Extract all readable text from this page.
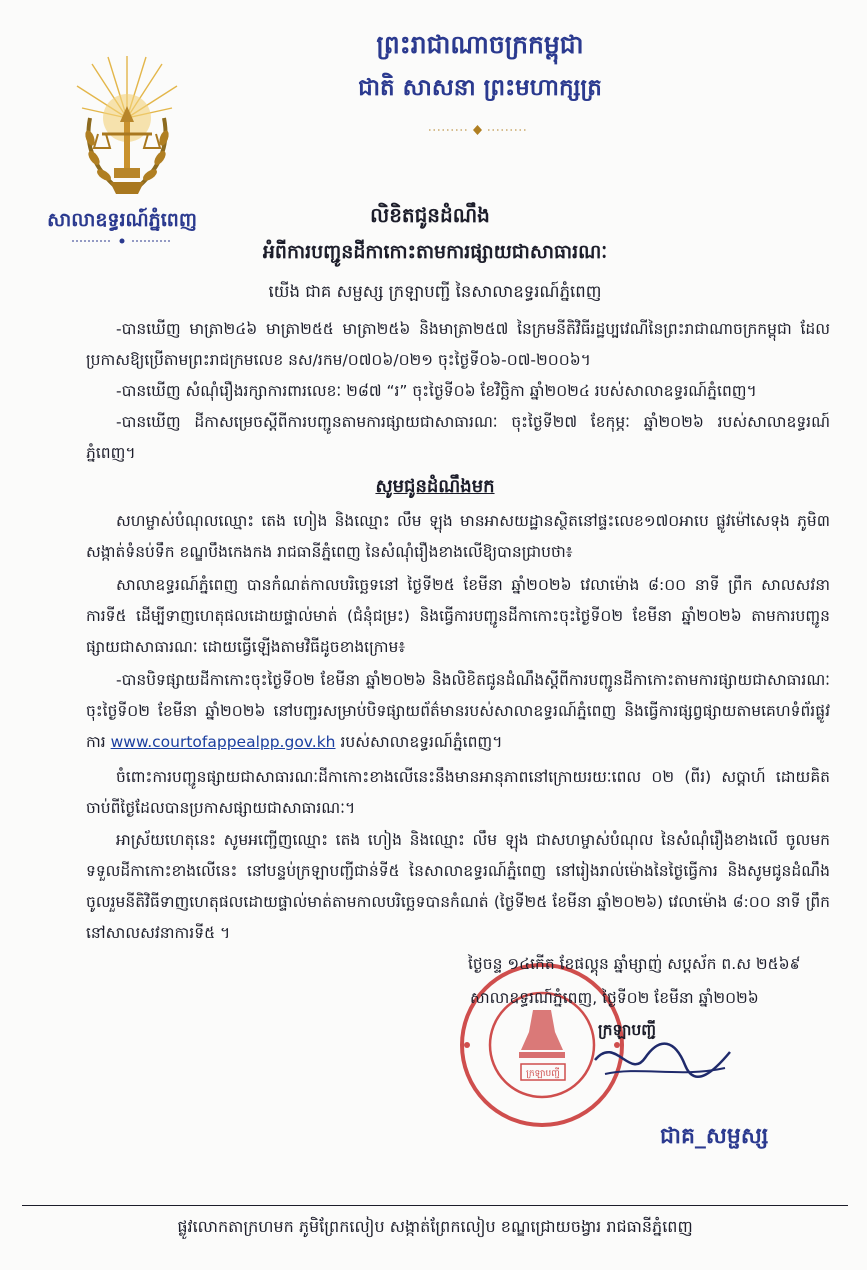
សាលាឧទ្ធរណ៍ភ្នំពេញ
ព្រះរាជាណាចក្រកម្ពុជា
ជាតិ សាសនា ព្រះមហាក្សត្រ
លិខិតជូនដំណឹង
អំពីការបញ្ជូនដីកាកោះតាមការផ្សាយជាសាធារណៈ
យើង ជាគ សម្ផស្ស ក្រឡាបញ្ជី នៃសាលាឧទ្ធរណ៍ភ្នំពេញ
-បានឃើញ មាត្រា២៤៦ មាត្រា២៥៥ មាត្រា២៥៦ និងមាត្រា២៥៧ នៃក្រមនីតិវិធីរដ្ឋប្បវេណីនៃព្រះរាជាណាចក្រកម្ពុជា ដែលប្រកាសឱ្យប្រើតាមព្រះរាជក្រមលេខ នស/រកម/០៧០៦/០២១ ចុះថ្ងៃទី០៦-០៧-២០០៦។
-បានឃើញ សំណុំរឿងរក្សាការពារលេខៈ ២៨៧ “រ” ចុះថ្ងៃទី០៦ ខែវិច្ឆិកា ឆ្នាំ២០២៤ របស់សាលាឧទ្ធរណ៍ភ្នំពេញ។
-បានឃើញ ដីកាសម្រេចស្តីពីការបញ្ជូនតាមការផ្សាយជាសាធារណៈ ចុះថ្ងៃទី២៧ ខែកុម្ភៈ ឆ្នាំ២០២៦ របស់សាលាឧទ្ធរណ៍ភ្នំពេញ។
សូមជូនដំណឹងមក
សហម្ចាស់បំណុលឈ្មោះ តេង ហៀង និងឈ្មោះ លឹម ឡុង មានអាសយដ្ឋានស្ថិតនៅផ្ទះលេខ១៧០អាបេ ផ្លូវម៉ៅសេទុង ភូមិ៣ សង្កាត់ទំនប់ទឹក ខណ្ឌបឹងកេងកង រាជធានីភ្នំពេញ នៃសំណុំរឿងខាងលើឱ្យបានជ្រាបថា៖
សាលាឧទ្ធរណ៍ភ្នំពេញ បានកំណត់កាលបរិច្ឆេទនៅ ថ្ងៃទី២៥ ខែមីនា ឆ្នាំ២០២៦ វេលាម៉ោង ៨:០០ នាទី ព្រឹក សាលសវនាការទី៥ ដើម្បីទាញហេតុផលដោយផ្ទាល់មាត់ (ជំនុំជម្រះ) និងធ្វើការបញ្ជូនដីកាកោះចុះថ្ងៃទី០២ ខែមីនា ឆ្នាំ២០២៦ តាមការបញ្ជូនផ្សាយជាសាធារណៈ ដោយធ្វើឡើងតាមវិធីដូចខាងក្រោម៖
-បានបិទផ្សាយដីកាកោះចុះថ្ងៃទី០២ ខែមីនា ឆ្នាំ២០២៦ និងលិខិតជូនដំណឹងស្តីពីការបញ្ជូនដីកាកោះតាមការផ្សាយជាសាធារណៈចុះថ្ងៃទី០២ ខែមីនា ឆ្នាំ២០២៦ នៅបញ្ជរសម្រាប់បិទផ្សាយព័ត៌មានរបស់សាលាឧទ្ធរណ៍ភ្នំពេញ និងធ្វើការផ្សព្វផ្សាយតាមគេហទំព័រផ្លូវការ www.courtofappealpp.gov.kh របស់សាលាឧទ្ធរណ៍ភ្នំពេញ។
ចំពោះការបញ្ជូនផ្សាយជាសាធារណៈដីកាកោះខាងលើនេះនឹងមានអានុភាពនៅក្រោយរយៈពេល ០២ (ពីរ) សប្តាហ៍ ដោយគិតចាប់ពីថ្ងៃដែលបានប្រកាសផ្សាយជាសាធារណៈ។
អាស្រ័យហេតុនេះ សូមអញ្ជើញឈ្មោះ តេង ហៀង និងឈ្មោះ លឹម ឡុង ជាសហម្ចាស់បំណុល នៃសំណុំរឿងខាងលើ ចូលមកទទួលដីកាកោះខាងលើនេះ នៅបន្ទប់ក្រឡាបញ្ជីជាន់ទី៥ នៃសាលាឧទ្ធរណ៍ភ្នំពេញ នៅរៀងរាល់ម៉ោងនៃថ្ងៃធ្វើការ និងសូមជូនដំណឹងចូលរួមនីតិវិធីទាញហេតុផលដោយផ្ទាល់មាត់តាមកាលបរិច្ឆេទបានកំណត់ (ថ្ងៃទី២៥ ខែមីនា ឆ្នាំ២០២៦) វេលាម៉ោង ៨:០០ នាទី ព្រឹក នៅសាលសវនាការទី៥ ។
ក្រឡាបញ្ជី
ថ្ងៃចន្ទ ១៤កើត ខែផល្គុន ឆ្នាំម្សាញ់ សប្តស័ក ព.ស ២៥៦៩
សាលាឧទ្ធរណ៍ភ្នំពេញ, ថ្ងៃទី០២ ខែមីនា ឆ្នាំ២០២៦
ក្រឡាបញ្ជី
ជាគ_សម្ផស្ស
ផ្លូវលោកតាក្រហមក ភូមិព្រែកលៀប សង្កាត់ព្រែកលៀប ខណ្ឌជ្រោយចង្វារ រាជធានីភ្នំពេញ
